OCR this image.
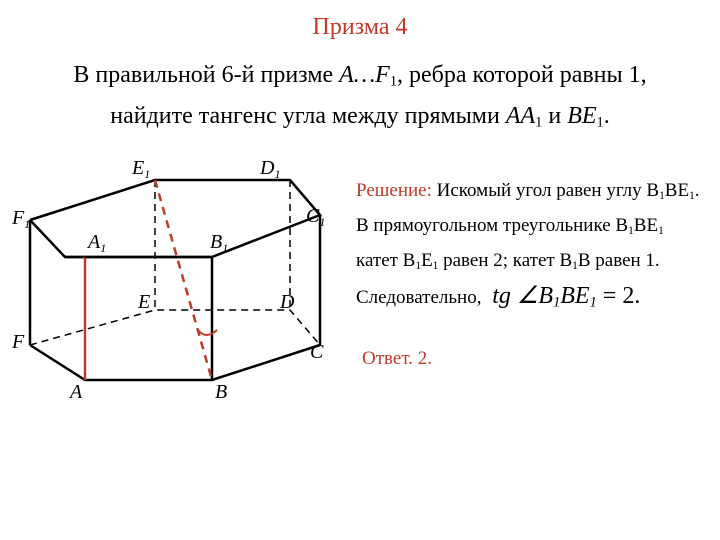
Призма 4
В правильной 6-й призме $A\dots F_1$, ребра которой равны 1,
найдите тангенс угла между прямыми $AA_1$ и $BE_1$.
$E_1$	$D_1$
$F_1$	$C_1$
$A_1$	$B_1$
E	D
F	C
A	B
Решение: Искомый угол равен углу $B_1BE_1$. В прямоугольном треугольнике $B_1BE_1$ катет $B_1E_1$ равен 2; катет $B_1B$ равен 1. Следовательно, tg $\angle B_1BE_1 = 2$.
Ответ. 2.
